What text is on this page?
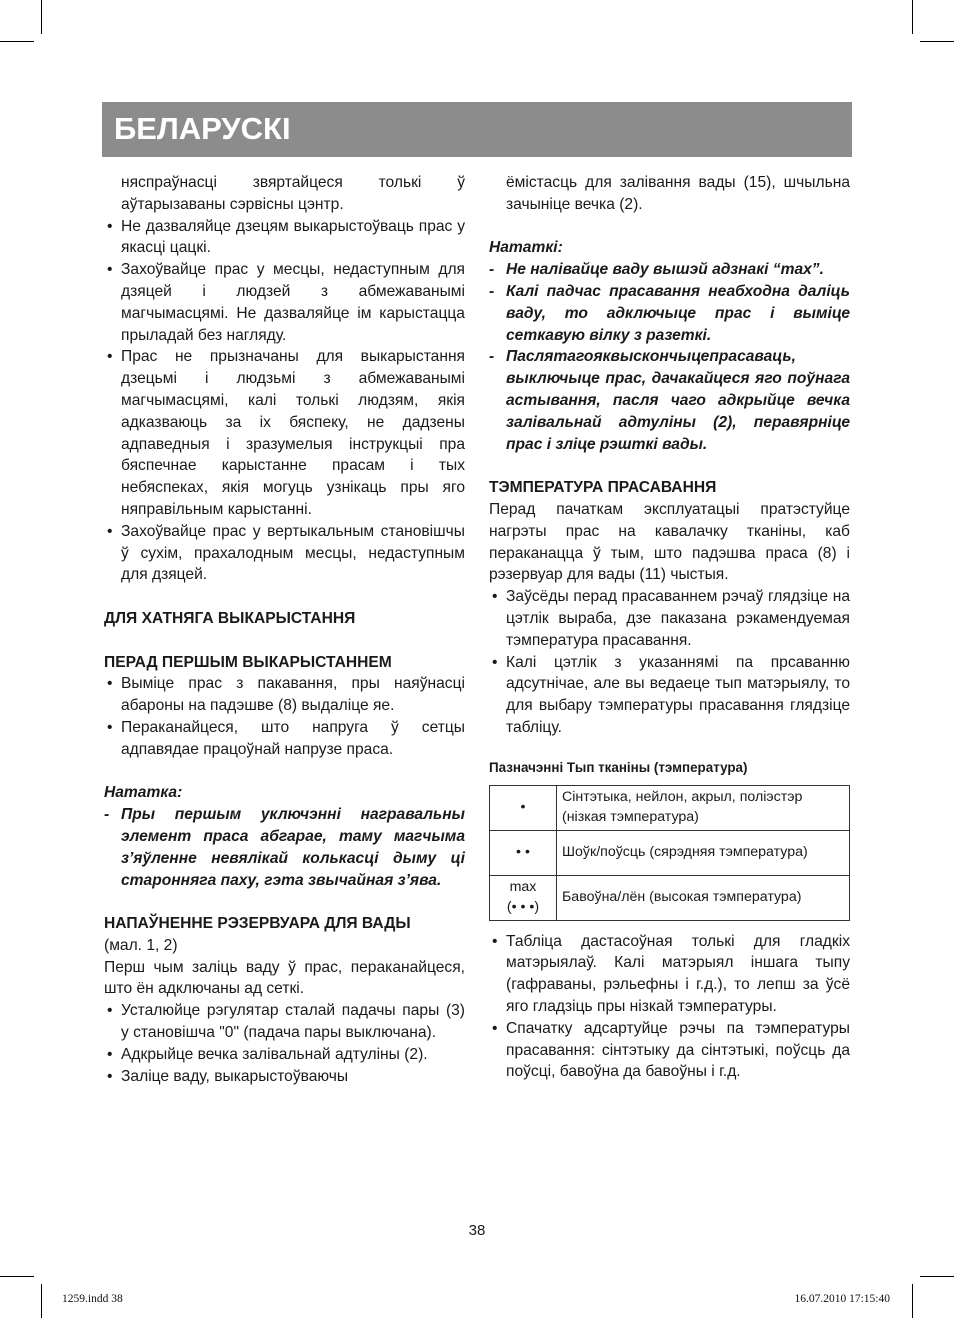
БЕЛАРУСКІ

няспраўнасці звяртайцеся толькі ў аўтарызаваны сэрвісны цэнтр.

• Не дазваляйце дзецям выкарыстоўваць прас у якасці цацкі.
• Захоўвайце прас у месцы, недаступным для дзяцей і людзей з абмежаванымі магчымасцямі. Не дазваляйце ім карыстацца прыладай без нагляду.
• Прас не прызначаны для выкарыстання дзецьмі і людзьмі з абмежаванымі магчымасцямі, калі толькі людзям, якія адказваюць за іх бяспеку, не дадзены адпаведныя і зразумелыя інструкцыі пра бяспечнае карыстанне прасам і тых небяспеках, якія могуць узнікаць пры яго няправільным карыстанні.
• Захоўвайце прас у вертыкальным становішчы ў сухім, прахалодным месцы, недаступным для дзяцей.

ДЛЯ ХАТНЯГА ВЫКАРЫСТАННЯ

ПЕРАД ПЕРШЫМ ВЫКАРЫСТАННЕМ

• Выміце прас з пакавання, пры наяўнасці абароны на падэшве (8) выдаліце яе.
• Пераканайцеся, што напруга ў сетцы адпавядае працоўнай напрузе праса.

Нататка:

- Пры першым уключэнні награвальны элемент праса абгарае, таму магчыма з’яўленне невялікай колькасці дыму ці староннягa паху, гэта звычайная з’ява.

НАПАЎНЕННЕ РЭЗЕРВУАРА ДЛЯ ВАДЫ

(мал. 1, 2)

Перш чым заліць ваду ў прас, пераканайцеся, што ён адключаны ад сеткі.

• Усталюйце рэгулятар сталай падачы пары (3) у становішча "0" (падача пары выключана).
• Адкрыйце вечка залівальнай адтуліны (2).
• Заліце ваду, выкарыстоўваючы

ёмістасць для залівання вады (15), шчыльна зачыніце вечка (2).

Нататкі:

- Не налівайце ваду вышэй адзнакі “max”.
- Калі падчас прасавання неабходна даліць ваду, то адключыце прас і выміце сеткавую вілку з разеткі.
- Паслятагояквыскончыцепрасаваць, выключыце прас, дачакайцеся яго поўнага астывання, пасля чаго адкрыйце вечка залівальнай адтуліны (2), перавярніце прас і зліце рэшткі вады.

ТЭМПЕРАТУРА ПРАСАВАННЯ

Перад пачаткам эксплуатацыі пратэстуйце нагрэты прас на кавалачку тканіны, каб пераканацца ў тым, што падэшва праса (8) і рэзервуар для вады (11) чыстыя.

• Заўсёды перад прасаваннем рэчаў глядзіце на цэтлік выраба, дзе паказана рэкамендуемая тэмпература прасавання.
• Калі цэтлік з указаннямі па прсаванню адсутнічае, але вы ведаеце тып матэрыялу, то для выбару тэмпературы прасавання глядзіце табліцу.
Пазначэнні Тып тканіны (тэмпература)
•	Сінтэтыка, нейлон, акрыл, поліэстэр (нізкая тэмпература)
• •	Шоўк/поўсць (сярэдняя тэмпература)

max
(• • •)	Бавоўна/лён (высокая тэмпература)
• Табліца дастасоўная толькі для гладкіх матэрыялаў. Калі матэрыял іншага тыпу (гафраваны, рэльефны і г.д.), то лепш за ўсё яго гладзіць пры нізкай тэмпературы.
• Спачатку адсартуйце рэчы па тэмпературы прасавання: сінтэтыку да сінтэтыкі, поўсць да поўсці, бавоўна да бавоўны і г.д.
38
1259.indd 38	16.07.2010 17:15:40
